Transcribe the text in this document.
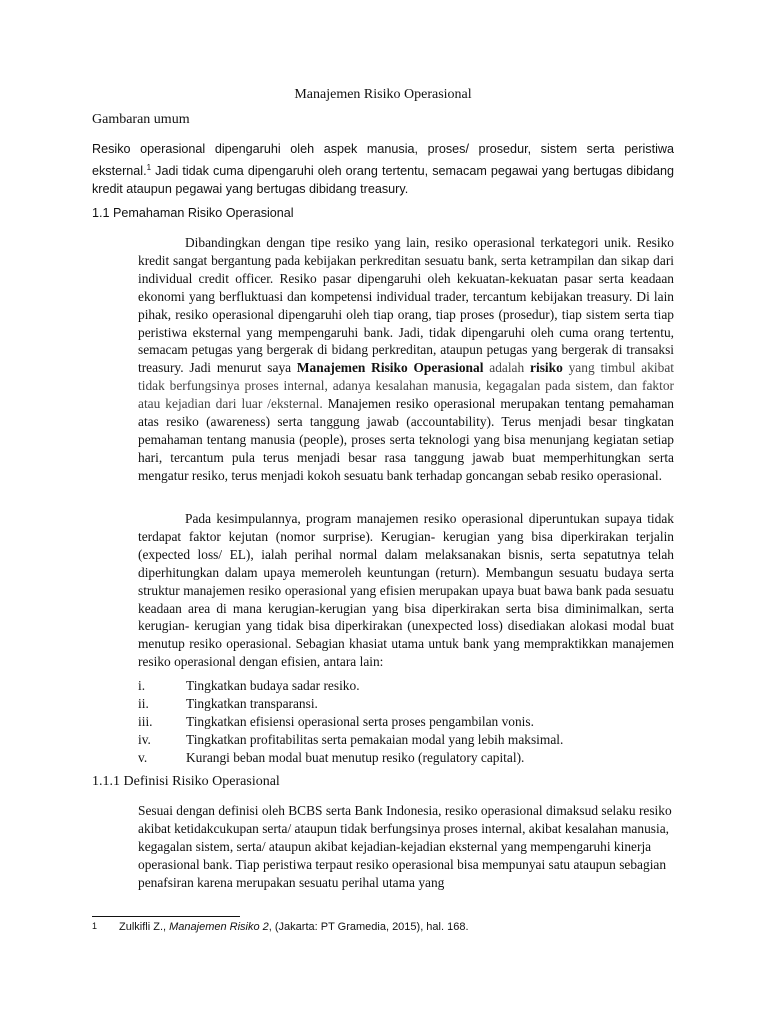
Manajemen Risiko Operasional
Gambaran umum
Resiko operasional dipengaruhi oleh aspek manusia, proses/ prosedur, sistem serta peristiwa eksternal.$^1$ Jadi tidak cuma dipengaruhi oleh orang tertentu, semacam pegawai yang bertugas dibidang kredit ataupun pegawai yang bertugas dibidang treasury.
1.1 Pemahaman Risiko Operasional

Dibandingkan dengan tipe resiko yang lain, resiko operasional terkategori unik. Resiko kredit sangat bergantung pada kebijakan perkreditan sesuatu bank, serta ketrampilan dan sikap dari individual credit officer. Resiko pasar dipengaruhi oleh kekuatan-kekuatan pasar serta keadaan ekonomi yang berfluktuasi dan kompetensi individual trader, tercantum kebijakan treasury. Di lain pihak, resiko operasional dipengaruhi oleh tiap orang, tiap proses (prosedur), tiap sistem serta tiap peristiwa eksternal yang mempengaruhi bank. Jadi, tidak dipengaruhi oleh cuma orang tertentu, semacam petugas yang bergerak di bidang perkreditan, ataupun petugas yang bergerak di transaksi treasury. Jadi menurut saya Manajemen Risiko Operasional adalah risiko yang timbul akibat tidak berfungsinya proses internal, adanya kesalahan manusia, kegagalan pada sistem, dan faktor atau kejadian dari luar /eksternal. Manajemen resiko operasional merupakan tentang pemahaman atas resiko (awareness) serta tanggung jawab (accountability). Terus menjadi besar tingkatan pemahaman tentang manusia (people), proses serta teknologi yang bisa menunjang kegiatan setiap hari, tercantum pula terus menjadi besar rasa tanggung jawab buat memperhitungkan serta mengatur resiko, terus menjadi kokoh sesuatu bank terhadap goncangan sebab resiko operasional.

Pada kesimpulannya, program manajemen resiko operasional diperuntukan supaya tidak terdapat faktor kejutan (nomor surprise). Kerugian- kerugian yang bisa diperkirakan terjalin (expected loss/ EL), ialah perihal normal dalam melaksanakan bisnis, serta sepatutnya telah diperhitungkan dalam upaya memeroleh keuntungan (return). Membangun sesuatu budaya serta struktur manajemen resiko operasional yang efisien merupakan upaya buat bawa bank pada sesuatu keadaan area di mana kerugian-kerugian yang bisa diperkirakan serta bisa diminimalkan, serta kerugian- kerugian yang tidak bisa diperkirakan (unexpected loss) disediakan alokasi modal buat menutup resiko operasional. Sebagian khasiat utama untuk bank yang mempraktikkan manajemen resiko operasional dengan efisien, antara lain:

i.	Tingkatkan budaya sadar resiko.
ii.	Tingkatkan transparansi.
iii.	Tingkatkan efisiensi operasional serta proses pengambilan vonis.
iv.	Tingkatkan profitabilitas serta pemakaian modal yang lebih maksimal.
v.	Kurangi beban modal buat menutup resiko (regulatory capital).
1.1.1 Definisi Risiko Operasional

Sesuai dengan definisi oleh BCBS serta Bank Indonesia, resiko operasional dimaksud selaku resiko akibat ketidakcukupan serta/ ataupun tidak berfungsinya proses internal, akibat kesalahan manusia, kegagalan sistem, serta/ ataupun akibat kejadian-kejadian eksternal yang mempengaruhi kinerja operasional bank. Tiap peristiwa terpaut resiko operasional bisa mempunyai satu ataupun sebagian penafsiran karena merupakan sesuatu perihal utama yang

1	Zulkifli Z., Manajemen Risiko 2, (Jakarta: PT Gramedia, 2015), hal. 168.
